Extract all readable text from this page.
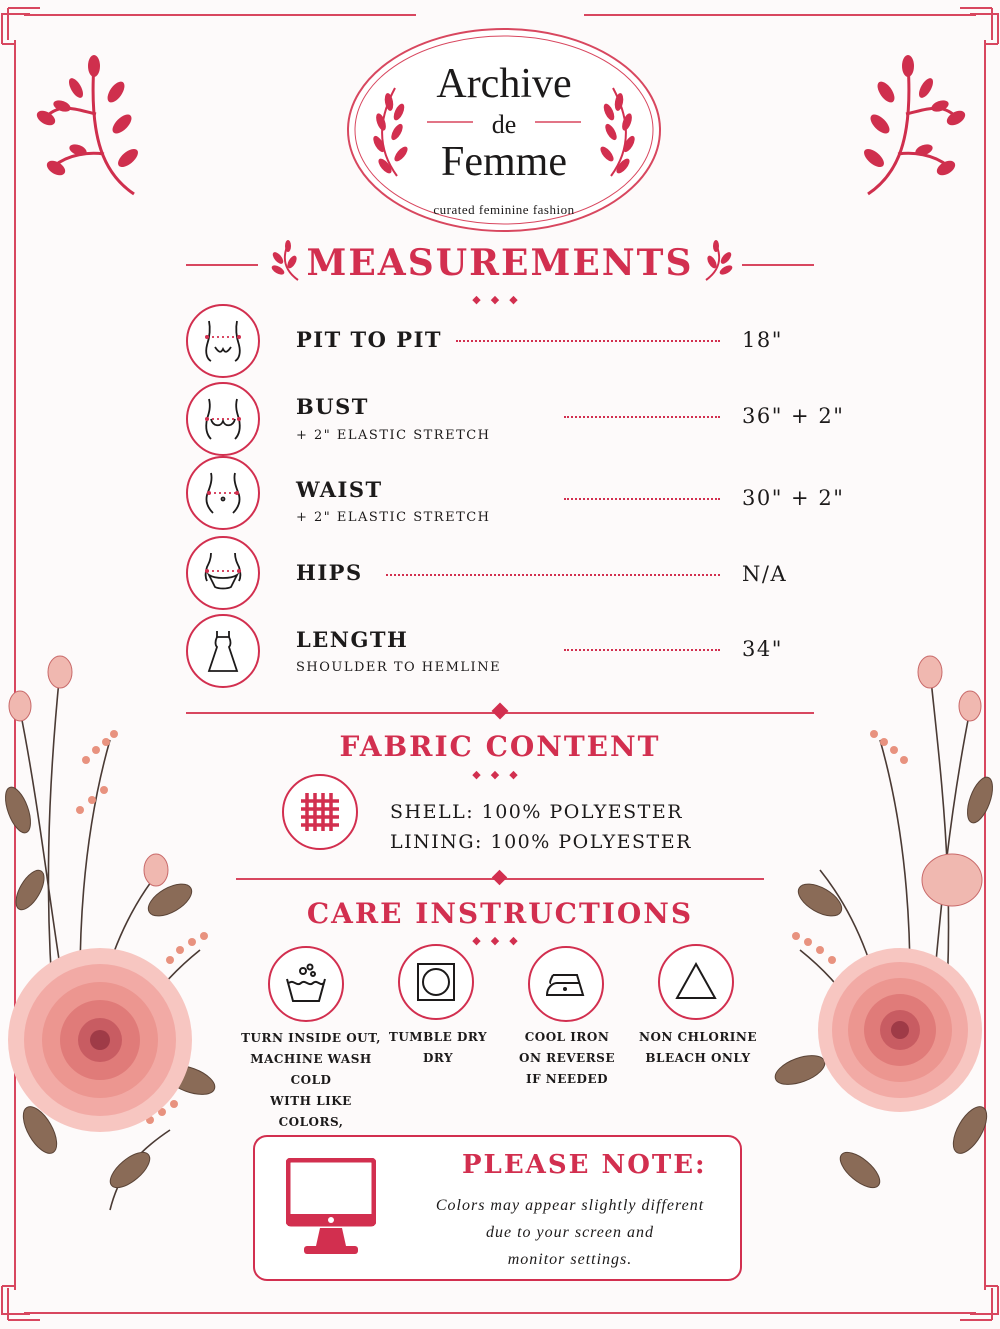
Archive
de
Femme
curated feminine fashion
MEASUREMENTS
◆◆◆
PIT TO PIT	18"
BUST
+ 2" ELASTIC STRETCH
36" + 2"
WAIST
+ 2" ELASTIC STRETCH
30" + 2"
HIPS	N/A
LENGTH
SHOULDER TO HEMLINE
34"
FABRIC CONTENT
◆◆◆
SHELL: 100% POLYESTER
LINING: 100% POLYESTER
CARE INSTRUCTIONS
◆◆◆
TURN INSIDE OUT,
MACHINE WASH COLD
WITH LIKE COLORS,
TUMBLE DRY
DRY
COOL IRON
ON REVERSE
IF NEEDED
NON CHLORINE
BLEACH ONLY
PLEASE NOTE:
Colors may appear slightly different
due to your screen and
monitor settings.
